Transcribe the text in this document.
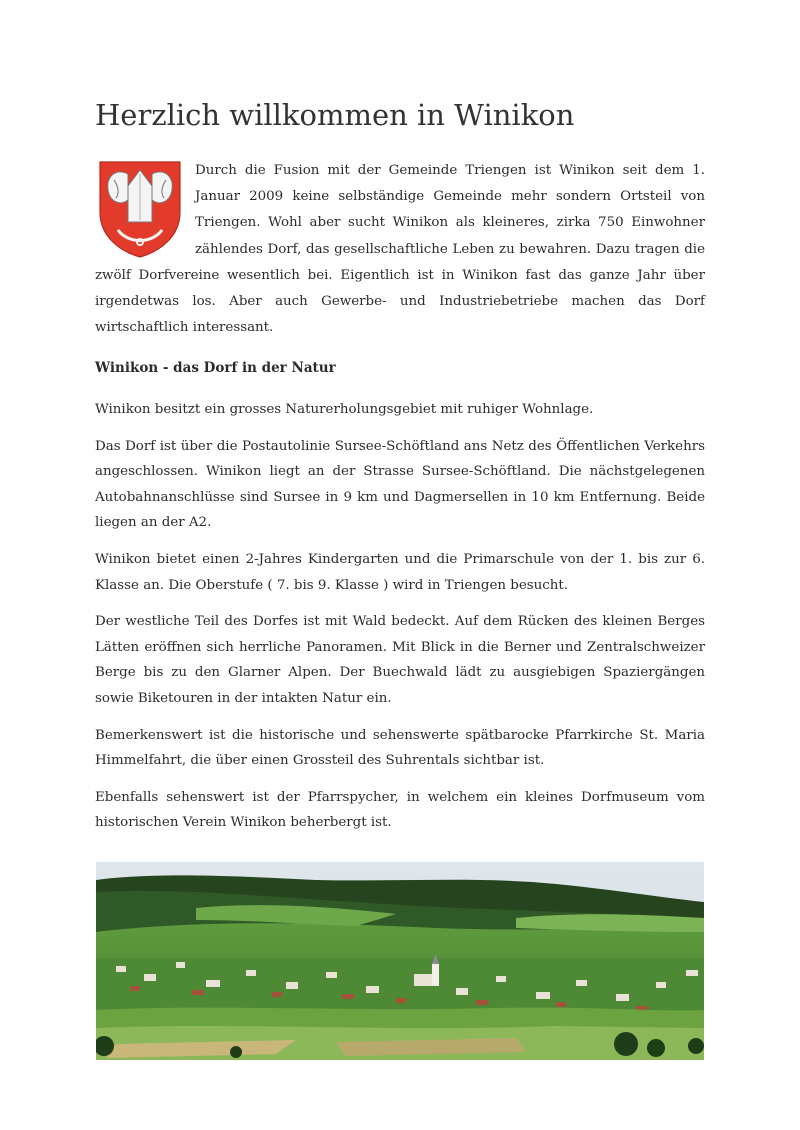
Herzlich willkommen in Winikon

Durch die Fusion mit der Gemeinde Triengen ist Winikon seit dem 1. Januar 2009 keine selbständige Gemeinde mehr sondern Ortsteil von Triengen. Wohl aber sucht Winikon als kleineres, zirka 750 Einwohner zählendes Dorf, das gesellschaftliche Leben zu bewahren. Dazu tragen die zwölf Dorfvereine wesentlich bei. Eigentlich ist in Winikon fast das ganze Jahr über irgendetwas los. Aber auch Gewerbe- und Industriebetriebe machen das Dorf wirtschaftlich interessant.

Winikon - das Dorf in der Natur

Winikon besitzt ein grosses Naturerholungsgebiet mit ruhiger Wohnlage.

Das Dorf ist über die Postautolinie Sursee-Schöftland ans Netz des Öffentlichen Verkehrs angeschlossen. Winikon liegt an der Strasse Sursee-Schöftland. Die nächstgelegenen Autobahnanschlüsse sind Sursee in 9 km und Dagmersellen in 10 km Entfernung. Beide liegen an der A2.

Winikon bietet einen 2-Jahres Kindergarten und die Primarschule von der 1. bis zur 6. Klasse an. Die Oberstufe ( 7. bis 9. Klasse ) wird in Triengen besucht.

Der westliche Teil des Dorfes ist mit Wald bedeckt. Auf dem Rücken des kleinen Berges Lätten eröffnen sich herrliche Panoramen. Mit Blick in die Berner und Zentralschweizer Berge bis zu den Glarner Alpen. Der Buechwald lädt zu ausgiebigen Spaziergängen sowie Biketouren in der intakten Natur ein.

Bemerkenswert ist die historische und sehenswerte spätbarocke Pfarrkirche St. Maria Himmelfahrt, die über einen Grossteil des Suhrentals sichtbar ist.

Ebenfalls sehenswert ist der Pfarrspycher, in welchem ein kleines Dorfmuseum vom historischen Verein Winikon beherbergt ist.
